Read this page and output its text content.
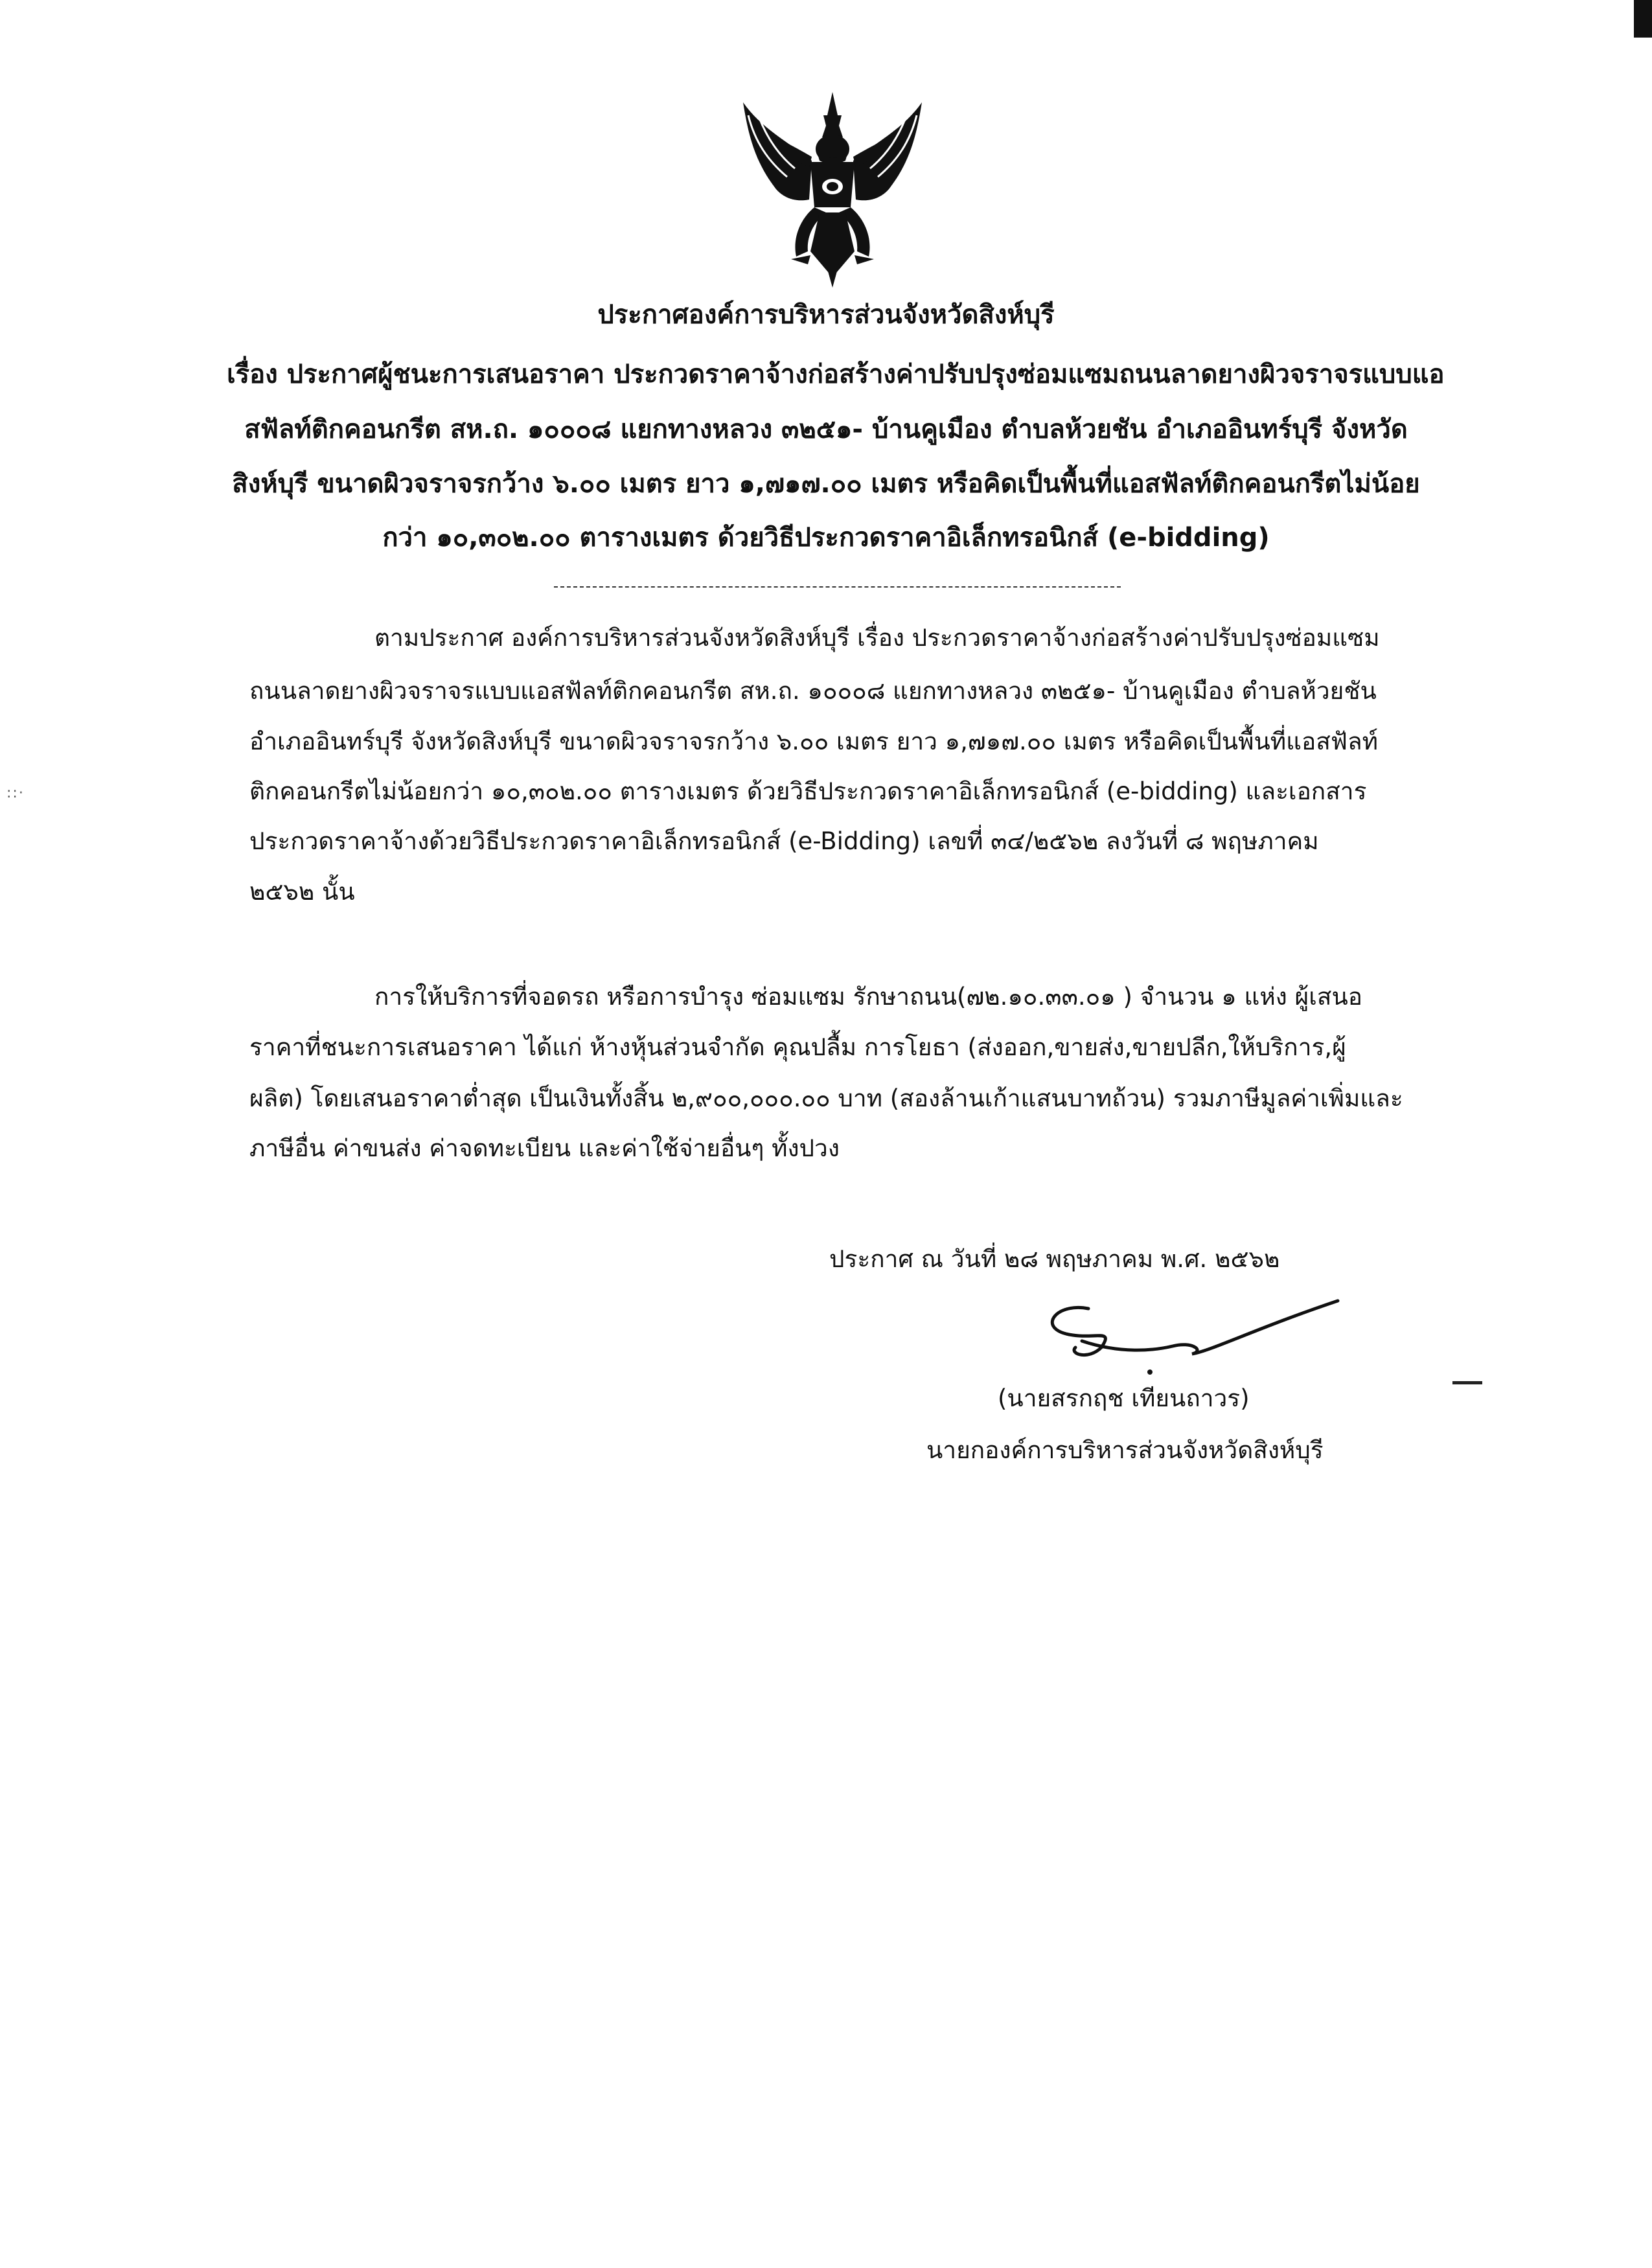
::·
ประกาศองค์การบริหารส่วนจังหวัดสิงห์บุรี
เรื่อง ประกาศผู้ชนะการเสนอราคา ประกวดราคาจ้างก่อสร้างค่าปรับปรุงซ่อมแซมถนนลาดยางผิวจราจรแบบแอ
สฟัลท์ติกคอนกรีต สห.ถ. ๑๐๐๐๘ แยกทางหลวง ๓๒๕๑- บ้านคูเมือง ตำบลห้วยชัน อำเภออินทร์บุรี จังหวัด
สิงห์บุรี ขนาดผิวจราจรกว้าง ๖.๐๐ เมตร ยาว ๑,๗๑๗.๐๐ เมตร หรือคิดเป็นพื้นที่แอสฟัลท์ติกคอนกรีตไม่น้อย
กว่า ๑๐,๓๐๒.๐๐ ตารางเมตร ด้วยวิธีประกวดราคาอิเล็กทรอนิกส์ (e-bidding)
ตามประกาศ องค์การบริหารส่วนจังหวัดสิงห์บุรี เรื่อง ประกวดราคาจ้างก่อสร้างค่าปรับปรุงซ่อมแซม
ถนนลาดยางผิวจราจรแบบแอสฟัลท์ติกคอนกรีต สห.ถ. ๑๐๐๐๘ แยกทางหลวง ๓๒๕๑- บ้านคูเมือง ตำบลห้วยชัน
อำเภออินทร์บุรี จังหวัดสิงห์บุรี ขนาดผิวจราจรกว้าง ๖.๐๐ เมตร ยาว ๑,๗๑๗.๐๐ เมตร หรือคิดเป็นพื้นที่แอสฟัลท์
ติกคอนกรีตไม่น้อยกว่า ๑๐,๓๐๒.๐๐ ตารางเมตร ด้วยวิธีประกวดราคาอิเล็กทรอนิกส์ (e-bidding) และเอกสาร
ประกวดราคาจ้างด้วยวิธีประกวดราคาอิเล็กทรอนิกส์ (e-Bidding) เลขที่ ๓๔/๒๕๖๒ ลงวันที่ ๘ พฤษภาคม
๒๕๖๒ นั้น
การให้บริการที่จอดรถ หรือการบำรุง ซ่อมแซม รักษาถนน(๗๒.๑๐.๓๓.๐๑ ) จำนวน ๑ แห่ง ผู้เสนอ
ราคาที่ชนะการเสนอราคา ได้แก่ ห้างหุ้นส่วนจำกัด คุณปลื้ม การโยธา (ส่งออก,ขายส่ง,ขายปลีก,ให้บริการ,ผู้
ผลิต) โดยเสนอราคาต่ำสุด เป็นเงินทั้งสิ้น ๒,๙๐๐,๐๐๐.๐๐ บาท (สองล้านเก้าแสนบาทถ้วน) รวมภาษีมูลค่าเพิ่มและ
ภาษีอื่น ค่าขนส่ง ค่าจดทะเบียน และค่าใช้จ่ายอื่นๆ ทั้งปวง
ประกาศ ณ วันที่ ๒๘ พฤษภาคม พ.ศ. ๒๕๖๒
(นายสรกฤช เทียนถาวร)
นายกองค์การบริหารส่วนจังหวัดสิงห์บุรี
